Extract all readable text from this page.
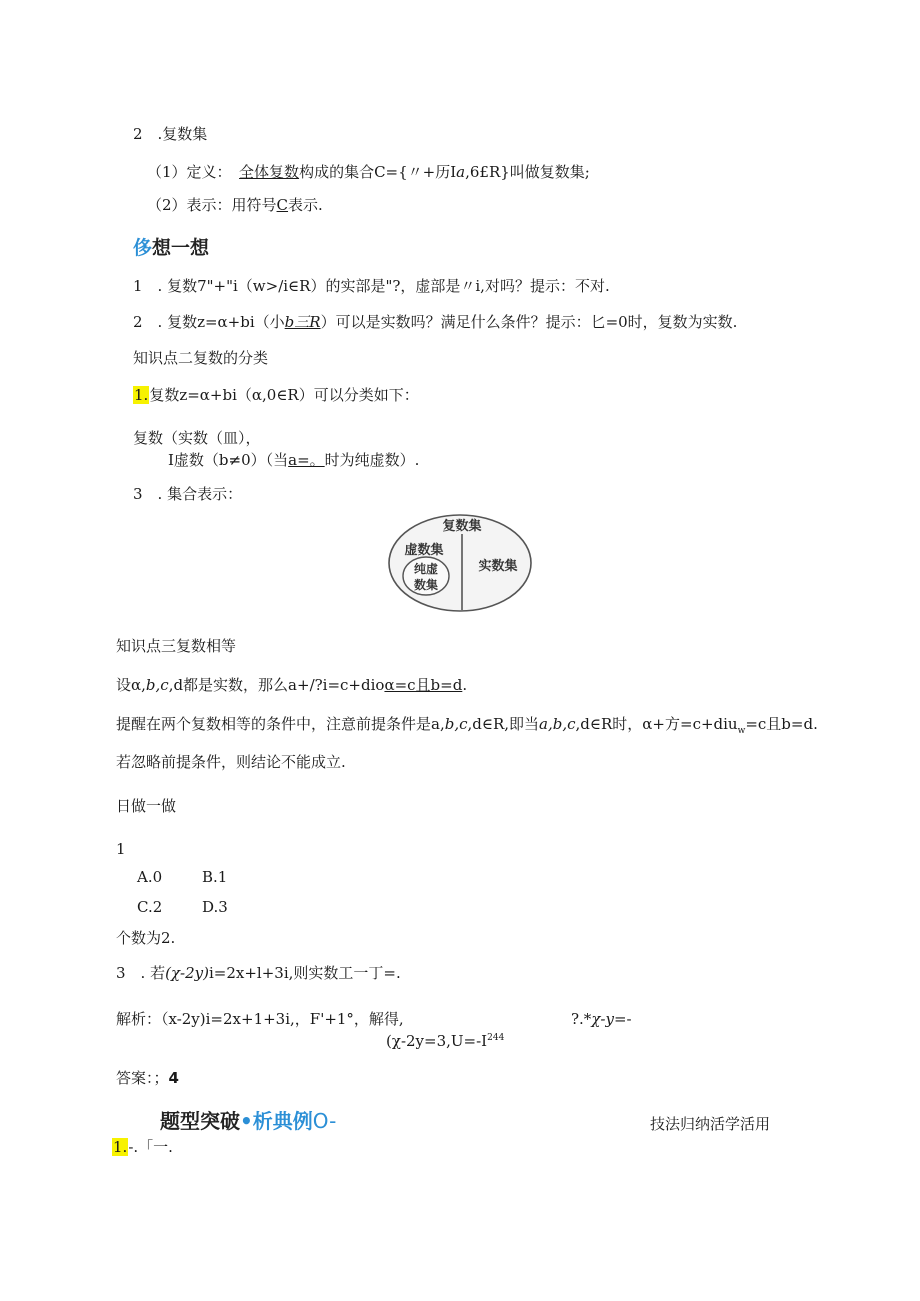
2　.复数集
（1）定义：　全体复数构成的集合C={〃+历Ia,6£R}叫做复数集;
（2）表示：用符号C表示.
侈想一想
1　. 复数7"+"i（w>∕i∈R）的实部是"?，虚部是〃i,对吗？提示：不对.
2　. 复数z=α+bi（小b三R）可以是实数吗？满足什么条件？提示：匕=0时，复数为实数.
知识点二复数的分类
1.复数z=α+bi（α,0∈R）可以分类如下：
复数（实数（皿），
I虚数（b≠0）（当a=。时为纯虚数）.
3　. 集合表示：
复数集
虚数集
纯虚
数集
实数集
知识点三复数相等
设α,b,c,d都是实数，那么a+/?i=c+dioα=c且b=d.
提醒在两个复数相等的条件中，注意前提条件是a,b,c,d∈R,即当a,b,c,d∈R时，α+方=c+diu$_w$=c且b=d.
若忽略前提条件，则结论不能成立.
日做一做
1
A.0	B.1
C.2	D.3
个数为2.
3　. 若(χ-2y)i=2x+l+3i,则实数工一丁=.
解析：（x-2y)i=2x+1+3i,，F'+1°，解得,	?.*χ-y=-
($\chi-2y=3,U=-I^{244}$
答案：；4
题型突破•析典例O-	技法归纳活学活用
1.-.「一.
